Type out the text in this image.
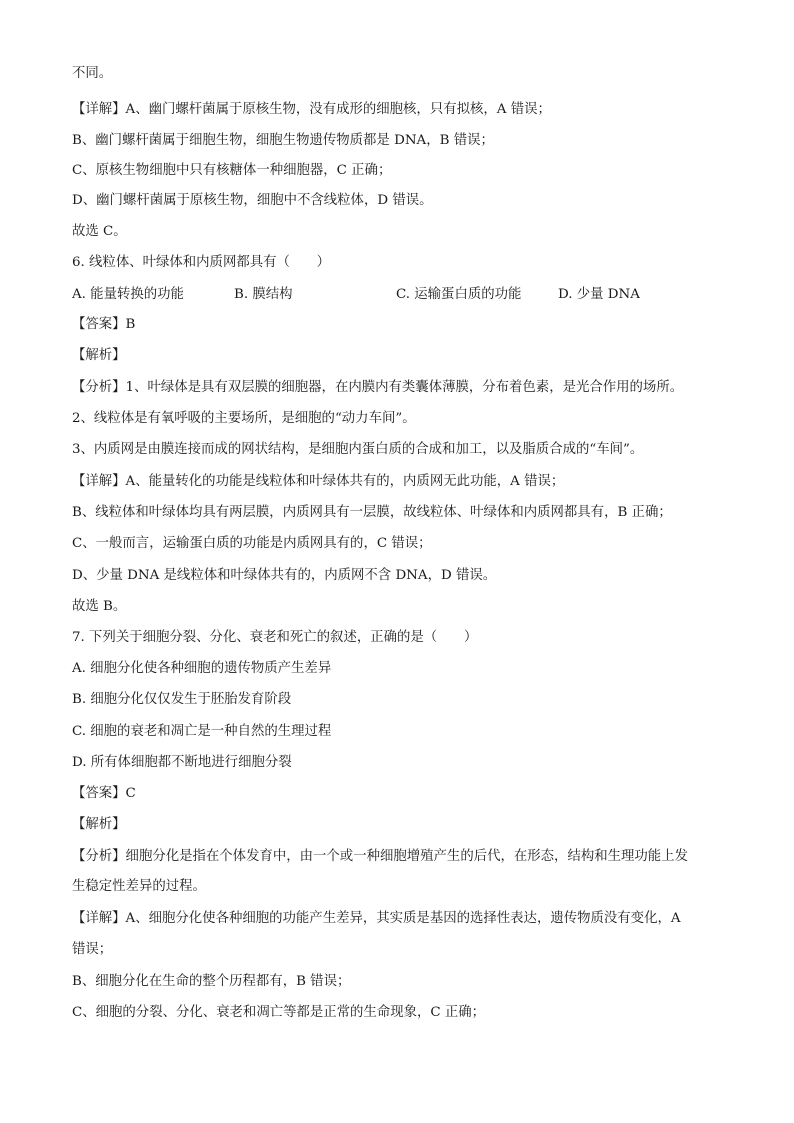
不同。
【详解】A、幽门螺杆菌属于原核生物，没有成形的细胞核，只有拟核，A 错误；
B、幽门螺杆菌属于细胞生物，细胞生物遗传物质都是 DNA，B 错误；
C、原核生物细胞中只有核糖体一种细胞器，C 正确；
D、幽门螺杆菌属于原核生物，细胞中不含线粒体，D 错误。
故选 C。
6. 线粒体、叶绿体和内质网都具有（　　）
A. 能量转换的功能	B. 膜结构	C. 运输蛋白质的功能	D. 少量 DNA
【答案】B
【解析】
【分析】1、叶绿体是具有双层膜的细胞器，在内膜内有类囊体薄膜，分布着色素，是光合作用的场所。
2、线粒体是有氧呼吸的主要场所，是细胞的“动力车间”。
3、内质网是由膜连接而成的网状结构，是细胞内蛋白质的合成和加工，以及脂质合成的“车间”。
【详解】A、能量转化的功能是线粒体和叶绿体共有的，内质网无此功能，A 错误；
B、线粒体和叶绿体均具有两层膜，内质网具有一层膜，故线粒体、叶绿体和内质网都具有，B 正确；
C、一般而言，运输蛋白质的功能是内质网具有的，C 错误；
D、少量 DNA 是线粒体和叶绿体共有的，内质网不含 DNA，D 错误。
故选 B。
7. 下列关于细胞分裂、分化、衰老和死亡的叙述，正确的是（　　）
A. 细胞分化使各种细胞的遗传物质产生差异
B. 细胞分化仅仅发生于胚胎发育阶段
C. 细胞的衰老和凋亡是一种自然的生理过程
D. 所有体细胞都不断地进行细胞分裂
【答案】C
【解析】
【分析】细胞分化是指在个体发育中，由一个或一种细胞增殖产生的后代，在形态，结构和生理功能上发
生稳定性差异的过程。
【详解】A、细胞分化使各种细胞的功能产生差异，其实质是基因的选择性表达，遗传物质没有变化，A
错误；
B、细胞分化在生命的整个历程都有，B 错误；
C、细胞的分裂、分化、衰老和凋亡等都是正常的生命现象，C 正确；
